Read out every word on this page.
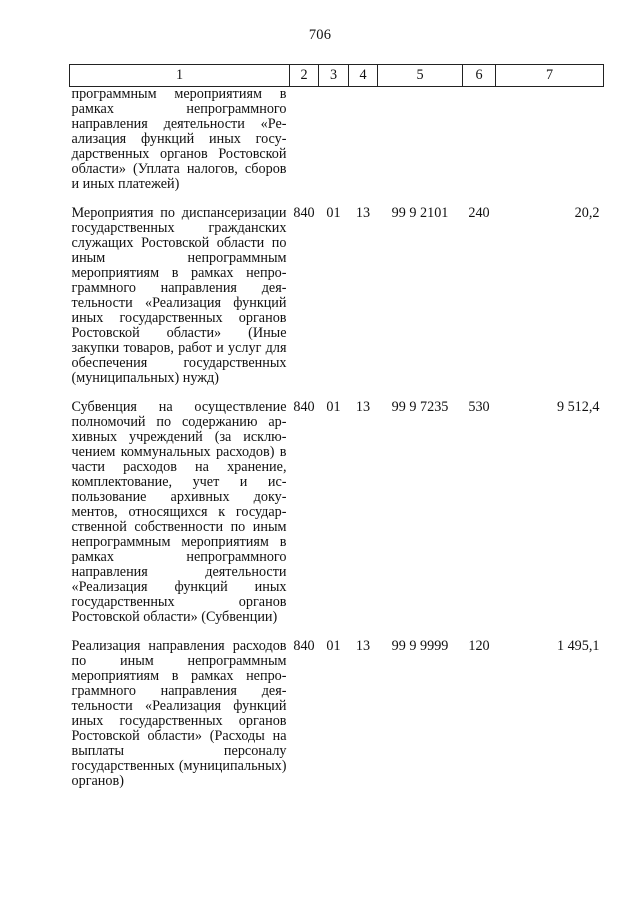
706
1	2	3	4	5	6	7
программным мероприятиям в рамках непрограммного направления деятельности «Реализация функций иных государственных органов Ростовской области» (Уплата налогов, сборов и иных платежей)						

Мероприятия по диспансеризации государственных гражданских служащих Ростовской области по иным непрограммным мероприятиям в рамках непрограммного направления деятельности «Реализация функций иных государственных органов Ростовской области» (Иные закупки товаров, работ и услуг для обеспечения государственных (муниципальных) нужд)	840	01	13	99 9 2101	240	20,2

Субвенция на осуществление полномочий по содержанию архивных учреждений (за исключением коммунальных расходов) в части расходов на хранение, комплектование, учет и использование архивных документов, относящихся к государственной собственности по иным непрограммным мероприятиям в рамках непрограммного направления деятельности «Реализация функций иных государственных органов Ростовской области» (Субвенции)	840	01	13	99 9 7235	530	9 512,4

Реализация направления расходов по иным непрограммным мероприятиям в рамках непрограммного направления деятельности «Реализация функций иных государственных органов Ростовской области» (Расходы на выплаты персоналу государственных (муниципальных) органов)	840	01	13	99 9 9999	120	1 495,1
